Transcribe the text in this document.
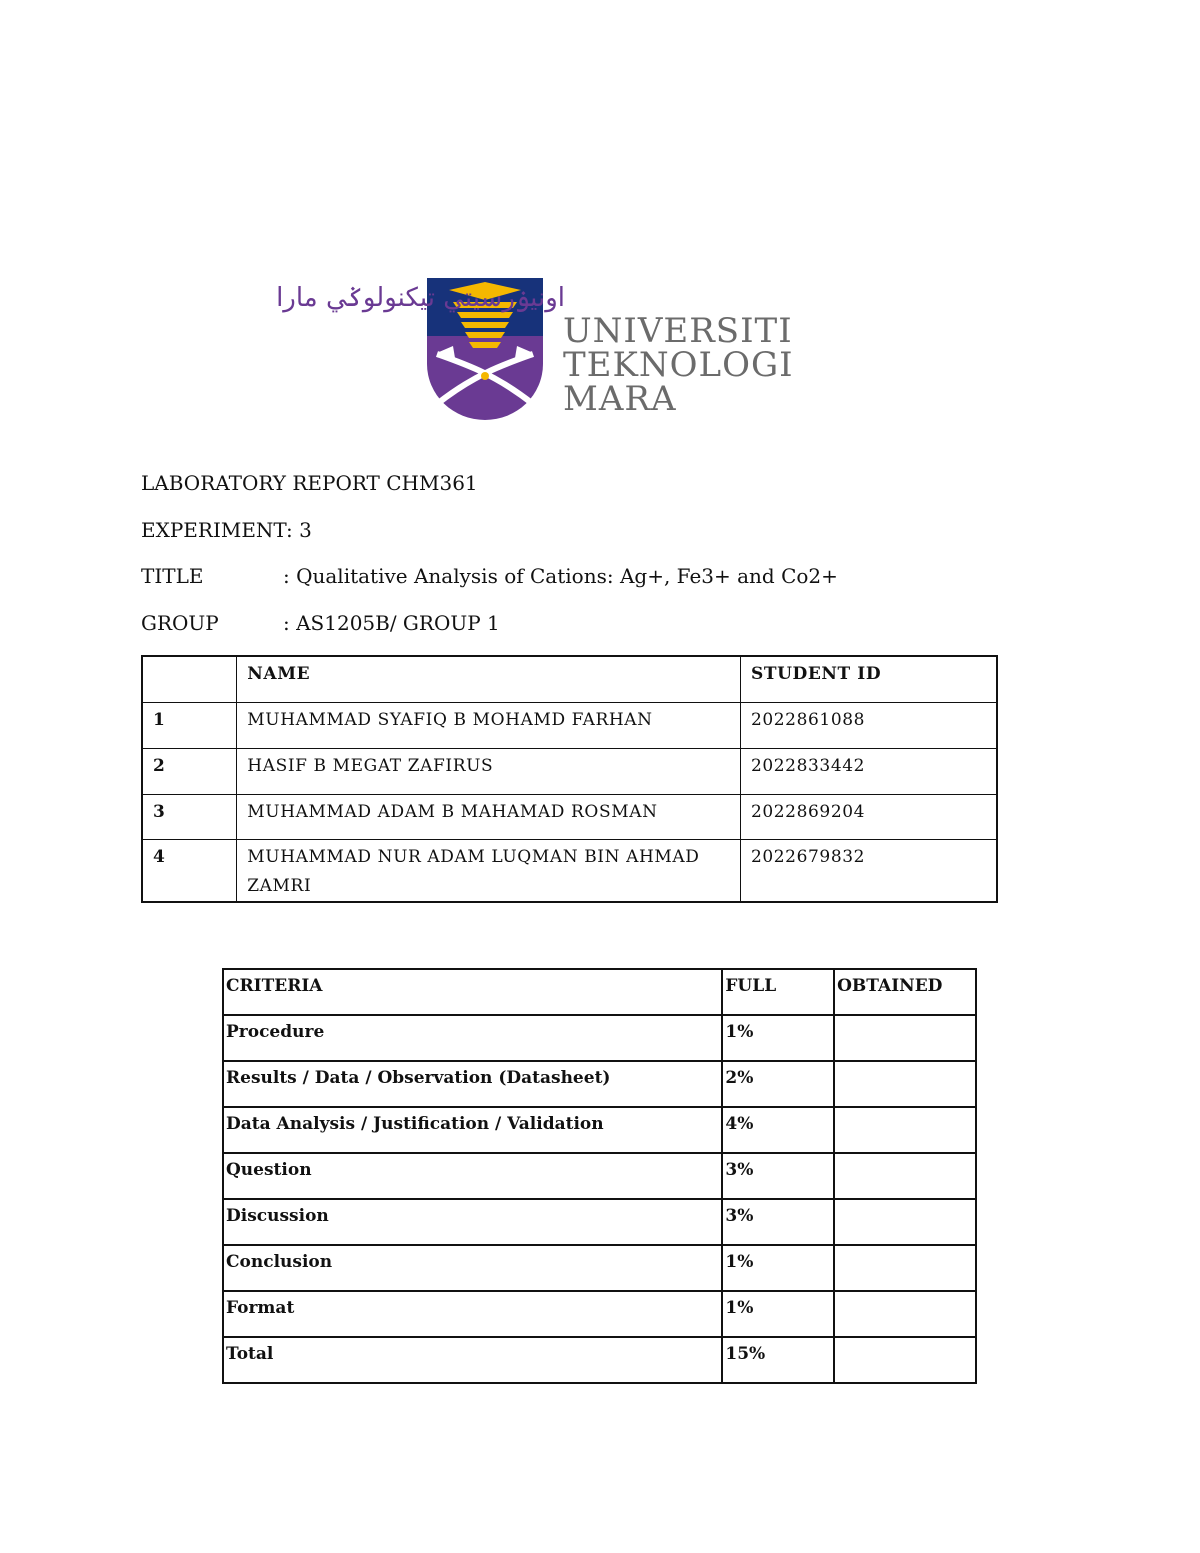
اونيۏرسيتي تيكنولوݢي مارا
UNIVERSITI
TEKNOLOGI
MARA
LABORATORY REPORT CHM361
EXPERIMENT: 3
TITLE	: Qualitative Analysis of Cations: Ag+, Fe3+ and Co2+
GROUP	: AS1205B/ GROUP 1
	NAME	STUDENT ID
1	MUHAMMAD SYAFIQ B MOHAMD FARHAN	2022861088
2	HASIF B MEGAT ZAFIRUS	2022833442
3	MUHAMMAD ADAM B MAHAMAD ROSMAN	2022869204
4	MUHAMMAD NUR ADAM LUQMAN BIN AHMAD ZAMRI	2022679832
CRITERIA	FULL	OBTAINED
Procedure	1%	
Results / Data / Observation (Datasheet)	2%	
Data Analysis / Justification / Validation	4%	
Question	3%	
Discussion	3%	
Conclusion	1%	
Format	1%	
Total	15%	
